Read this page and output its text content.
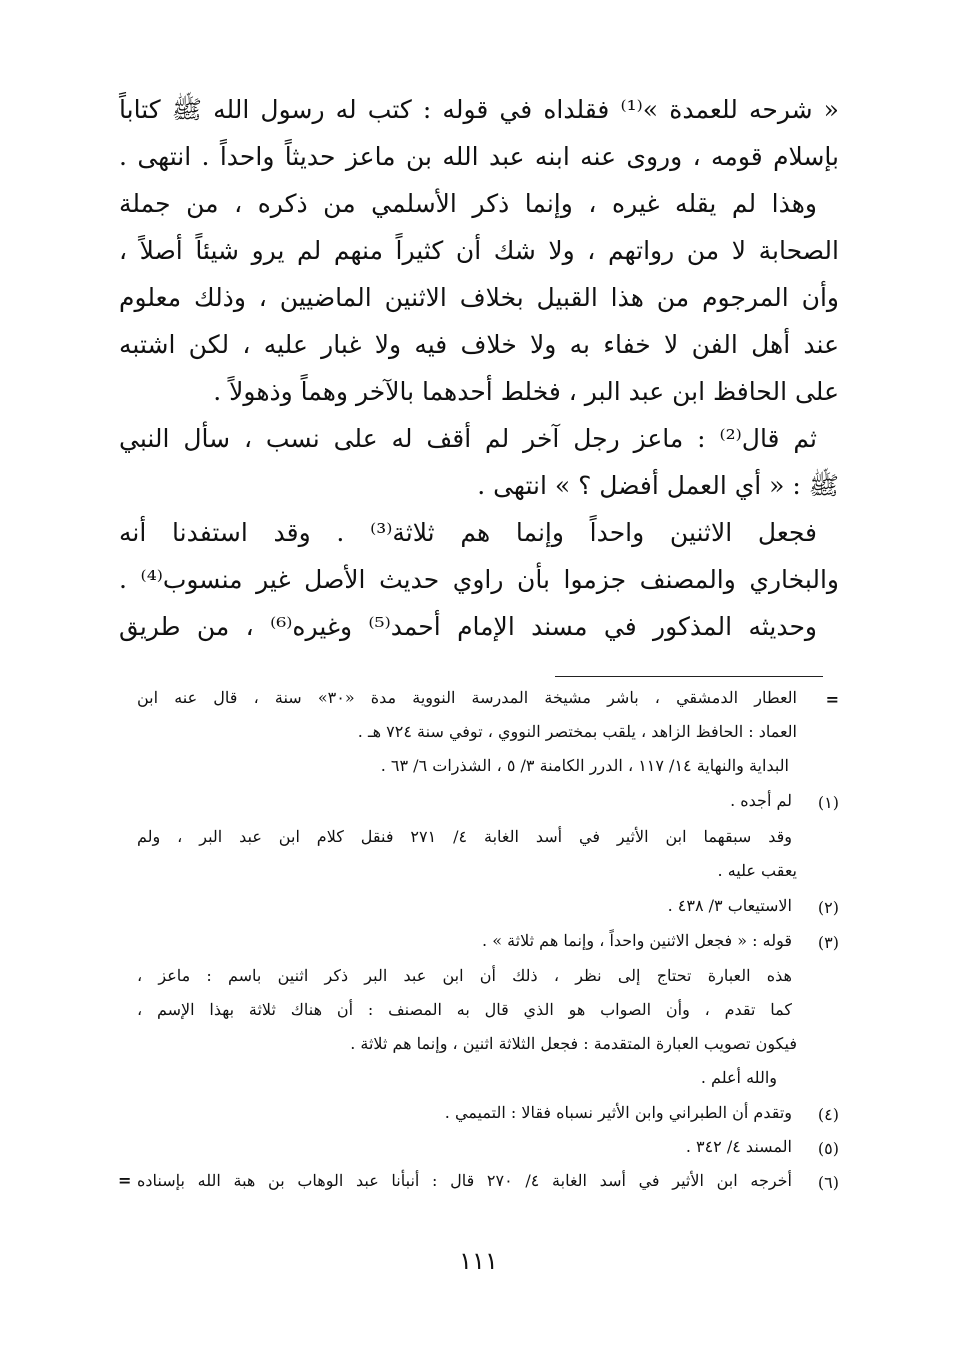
« شرحه للعمدة »⁽¹⁾ فقلداه في قوله : كتب له رسول الله ﷺ كتاباً
بإسلام قومه ، وروى عنه ابنه عبد الله بن ماعز حديثاً واحداً . انتهى .
وهذا لم يقله غيره ، وإنما ذكر الأسلمي من ذكره ، من جملة
الصحابة لا من رواتهم ، ولا شك أن كثيراً منهم لم يرو شيئاً أصلاً ،
وأن المرجوم من هذا القبيل بخلاف الاثنين الماضيين ، وذلك معلوم
عند أهل الفن لا خفاء به ولا خلاف فيه ولا غبار عليه ، لكن اشتبه
على الحافظ ابن عبد البر ، فخلط أحدهما بالآخر وهماً وذهولاً .
ثم قال⁽²⁾ : ماعز رجل آخر لم أقف له على نسب ، سأل النبي
ﷺ : « أي العمل أفضل ؟ » انتهى .
فجعل الاثنين واحداً وإنما هم ثلاثة⁽³⁾ . وقد استفدنا أنه
والبخاري والمصنف جزموا بأن راوي حديث الأصل غير منسوب⁽⁴⁾ .
وحديثه المذكور في مسند الإمام أحمد⁽⁵⁾ وغيره⁽⁶⁾ ، من طريق
=
العطار الدمشقي ، باشر مشيخة المدرسة النووية مدة «٣٠» سنة ، قال عنه ابن
العماد : الحافظ الزاهد ، يلقب بمختصر النووي ، توفي سنة ٧٢٤ هـ .
البداية والنهاية ١٤/ ١١٧ ، الدرر الكامنة ٣/ ٥ ، الشذرات ٦/ ٦٣ .
(١)
لم أجده .
وقد سبقهما ابن الأثير في أسد الغابة ٤/ ٢٧١ فنقل كلام ابن عبد البر ، ولم
يعقب عليه .
(٢)
الاستيعاب ٣/ ٤٣٨ .
(٣)
قوله : « فجعل الاثنين واحداً ، وإنما هم ثلاثة » .
هذه العبارة تحتاج إلى نظر ، ذلك أن ابن عبد البر ذكر اثنين باسم : ماعز ،
كما تقدم ، وأن الصواب هو الذي قال به المصنف : أن هناك ثلاثة بهذا الإسم ،
فيكون تصويب العبارة المتقدمة : فجعل الثلاثة اثنين ، وإنما هم ثلاثة .
والله أعلم .
(٤)
وتقدم أن الطبراني وابن الأثير نسباه فقالا : التميمي .
(٥)
المسند ٤/ ٣٤٢ .
(٦)
أخرجه ابن الأثير في أسد الغابة ٤/ ٢٧٠ قال : أنبأنا عبد الوهاب بن هبة الله بإسناده
=
١١١
